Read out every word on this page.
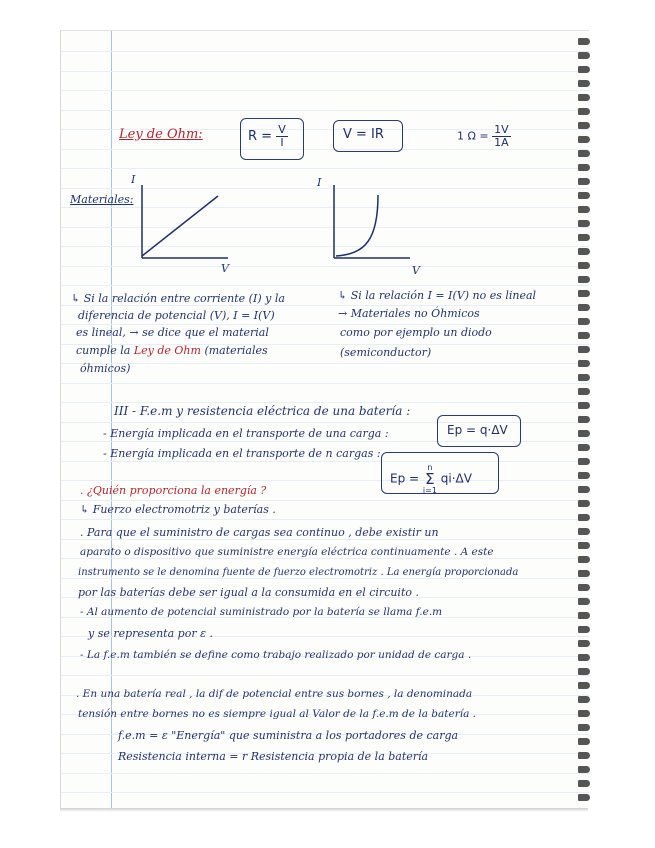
Ley de Ohm:	$R = \frac{V}{I}$	V = IR	1 $\Omega = \frac{1V}{1A}$
Materiales:
I
V
I
V
↳ Si la relación entre corriente (I) y la
diferencia de potencial (V), I = I(V)
es lineal, → se dice que el material
cumple la Ley de Ohm (materiales
óhmicos)
↳ Si la relación I = I(V) no es lineal
→ Materiales no Óhmicos
como por ejemplo un diodo
(semiconductor)
III - F.e.m y resistencia eléctrica de una batería :
- Energía implicada en el transporte de una carga :	Ep = q·ΔV
- Energía implicada en el transporte de n cargas :
Ep =
n
Σ
i=1
qi·ΔV
. ¿Quién proporciona la energía ?
↳ Fuerzo electromotriz y baterías .
. Para que el suministro de cargas sea continuo , debe existir un
aparato o dispositivo que suministre energía eléctrica continuamente . A este
instrumento se le denomina fuente de fuerzo electromotriz . La energía proporcionada
por las baterías debe ser igual a la consumida en el circuito .
- Al aumento de potencial suministrado por la batería se llama f.e.m
y se representa por ε .
- La f.e.m también se define como trabajo realizado por unidad de carga .
. En una batería real , la dif de potencial entre sus bornes , la denominada
tensión entre bornes no es siempre igual al Valor de la f.e.m de la batería .
f.e.m = ε "Energía" que suministra a los portadores de carga
Resistencia interna = r Resistencia propia de la batería
